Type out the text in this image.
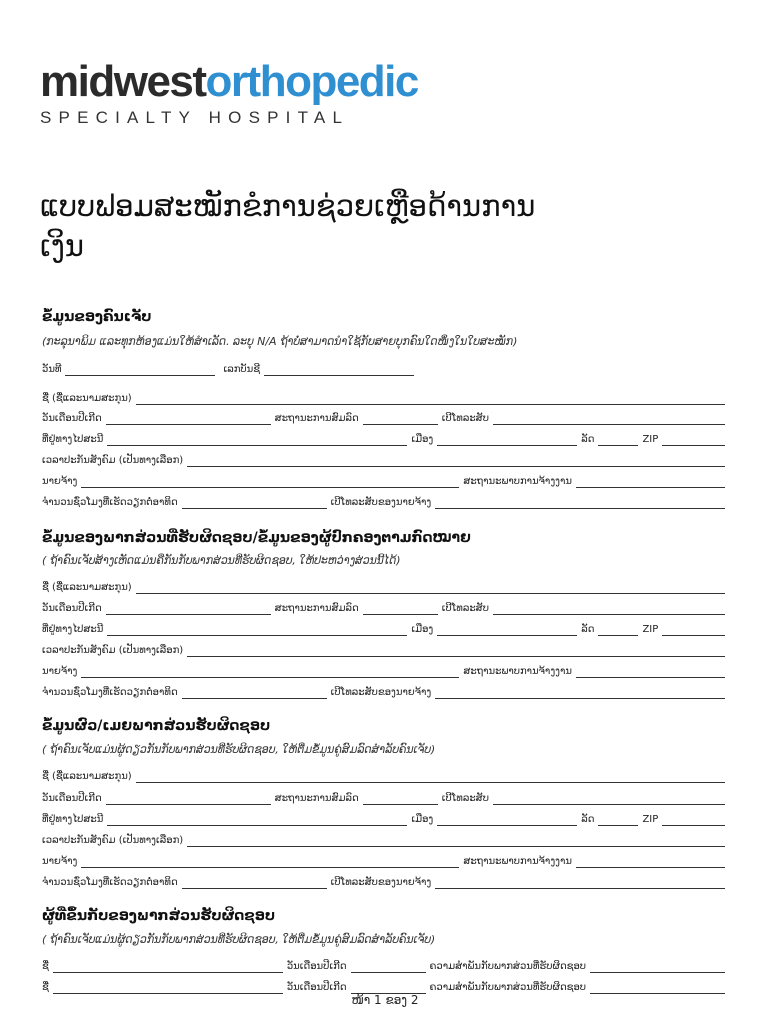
midwestorthopedic
SPECIALTY HOSPITAL
ແບບຟອມສະໝັກຂໍການຊ່ວຍເຫຼືອດ້ານການເງິນ
ຂໍ້ມູນຂອງຄົນເຈັບ
(ກະລຸນາພິມ ແລະທຸກຫ້ອງແມ່ນໃຫ້ສຳເລັດ. ລະບຸ N/A ຖ້າບໍ່ສາມາດນຳໃຊ້ກັບສາຍບຸກຄົນໃດໜຶ່ງໃນໃບສະໝັກ)
ວັນທີ	ເລກບັນຊີ
ຊື່ (ຊື່ແລະນາມສະກຸນ)
ວັນເດືອນປີເກີດ	ສະຖານະການສົມລົດ	ເບີໂທລະສັບ
ທີ່ຢູ່ທາງໄປສະນີ	ເມືອງ	ລັດ	ZIP
ເວລາປະກັນສັງຄົມ (ເປັນທາງເລືອກ)
ນາຍຈ້າງ	ສະຖານະພາບການຈ້າງງານ
ຈຳນວນຊົ່ວໂມງທີ່ເຮັດວຽກຕໍ່ອາທິດ	ເບີໂທລະສັບຂອງນາຍຈ້າງ
ຂໍ້ມູນຂອງພາກສ່ວນທີ່ຮັບຜິດຊອບ/ຂໍ້ມູນຂອງຜູ້ປົກຄອງຕາມກົດໝາຍ
( ຖ້າຄົນເຈັບສ້າງເຫັດແມ່ນຄືກັນກັບພາກສ່ວນທີ່ຮັບຜິດຊອບ, ໃຫ້ປະຫວ່າງສ່ວນນີ້ໄດ້)
ຊື່ (ຊື່ແລະນາມສະກຸນ)
ວັນເດືອນປີເກີດ	ສະຖານະການສົມລົດ	ເບີໂທລະສັບ
ທີ່ຢູ່ທາງໄປສະນີ	ເມືອງ	ລັດ	ZIP
ເວລາປະກັນສັງຄົມ (ເປັນທາງເລືອກ)
ນາຍຈ້າງ	ສະຖານະພາບການຈ້າງງານ
ຈຳນວນຊົ່ວໂມງທີ່ເຮັດວຽກຕໍ່ອາທິດ	ເບີໂທລະສັບຂອງນາຍຈ້າງ
ຂໍ້ມູນຜົວ/ເມຍພາກສ່ວນຮັບຜິດຊອບ
( ຖ້າຄົນເຈັບແມ່ນຜູ້ດຽວກັນກັບພາກສ່ວນທີ່ຮັບຜິດຊອບ, ໃຫ້ຕື່ມຂໍ້ມູນຄູ່ສົມລົດສຳລັບຄົນເຈັບ)
ຊື່ (ຊື່ແລະນາມສະກຸນ)
ວັນເດືອນປີເກີດ	ສະຖານະການສົມລົດ	ເບີໂທລະສັບ
ທີ່ຢູ່ທາງໄປສະນີ	ເມືອງ	ລັດ	ZIP
ເວລາປະກັນສັງຄົມ (ເປັນທາງເລືອກ)
ນາຍຈ້າງ	ສະຖານະພາບການຈ້າງງານ
ຈຳນວນຊົ່ວໂມງທີ່ເຮັດວຽກຕໍ່ອາທິດ	ເບີໂທລະສັບຂອງນາຍຈ້າງ
ຜູ້ທີ່ຂຶ້ນກັບຂອງພາກສ່ວນຮັບຜິດຊອບ
( ຖ້າຄົນເຈັບແມ່ນຜູ້ດຽວກັນກັບພາກສ່ວນທີ່ຮັບຜິດຊອບ, ໃຫ້ຕື່ມຂໍ້ມູນຄູ່ສົມລົດສຳລັບຄົນເຈັບ)
ຊື່	ວັນເດືອນປີເກີດ	ຄວາມສຳພັນກັບພາກສ່ວນທີ່ຮັບຜິດຊອບ
ຊື່	ວັນເດືອນປີເກີດ	ຄວາມສຳພັນກັບພາກສ່ວນທີ່ຮັບຜິດຊອບ
ໜ້າ 1 ຂອງ 2
